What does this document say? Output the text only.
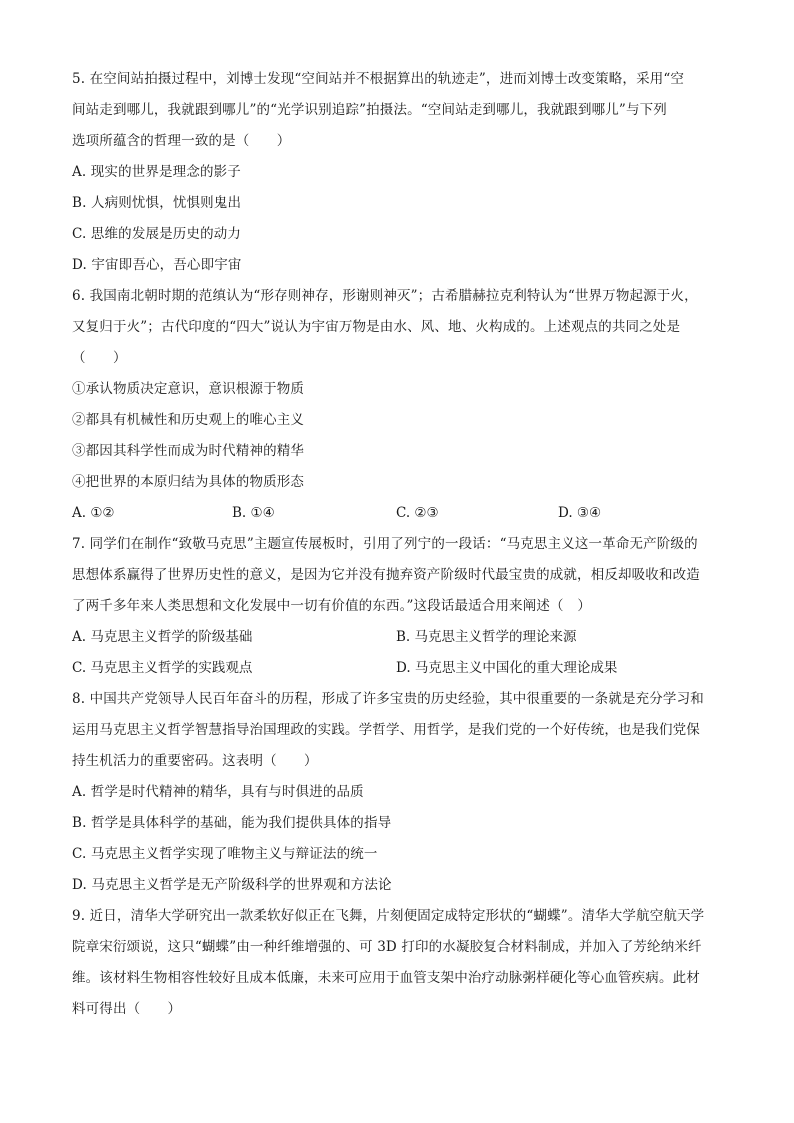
5. 在空间站拍摄过程中，刘博士发现“空间站并不根据算出的轨迹走”，进而刘博士改变策略，采用“空
间站走到哪儿，我就跟到哪儿”的“光学识别追踪”拍摄法。“空间站走到哪儿，我就跟到哪儿”与下列
选项所蕴含的哲理一致的是（　　）
A. 现实的世界是理念的影子
B. 人病则忧惧，忧惧则鬼出
C. 思维的发展是历史的动力
D. 宇宙即吾心，吾心即宇宙
6. 我国南北朝时期的范缜认为“形存则神存，形谢则神灭”；古希腊赫拉克利特认为“世界万物起源于火，
又复归于火”；古代印度的“四大”说认为宇宙万物是由水、风、地、火构成的。上述观点的共同之处是
（　　）
①承认物质决定意识，意识根源于物质
②都具有机械性和历史观上的唯心主义
③都因其科学性而成为时代精神的精华
④把世界的本原归结为具体的物质形态
A. ①②	B. ①④	C. ②③	D. ③④
7. 同学们在制作“致敬马克思”主题宣传展板时，引用了列宁的一段话：“马克思主义这一革命无产阶级的
思想体系赢得了世界历史性的意义，是因为它并没有抛弃资产阶级时代最宝贵的成就，相反却吸收和改造
了两千多年来人类思想和文化发展中一切有价值的东西。”这段话最适合用来阐述（　）
A. 马克思主义哲学的阶级基础	B. 马克思主义哲学的理论来源
C. 马克思主义哲学的实践观点	D. 马克思主义中国化的重大理论成果
8. 中国共产党领导人民百年奋斗的历程，形成了许多宝贵的历史经验，其中很重要的一条就是充分学习和
运用马克思主义哲学智慧指导治国理政的实践。学哲学、用哲学，是我们党的一个好传统，也是我们党保
持生机活力的重要密码。这表明（　　）
A. 哲学是时代精神的精华，具有与时俱进的品质
B. 哲学是具体科学的基础，能为我们提供具体的指导
C. 马克思主义哲学实现了唯物主义与辩证法的统一
D. 马克思主义哲学是无产阶级科学的世界观和方法论
9. 近日，清华大学研究出一款柔软好似正在飞舞，片刻便固定成特定形状的“蝴蝶”。清华大学航空航天学
院章宋衍颂说，这只“蝴蝶”由一种纤维增强的、可 3D 打印的水凝胶复合材料制成，并加入了芳纶纳米纤
维。该材料生物相容性较好且成本低廉，未来可应用于血管支架中治疗动脉粥样硬化等心血管疾病。此材
料可得出（　　）
